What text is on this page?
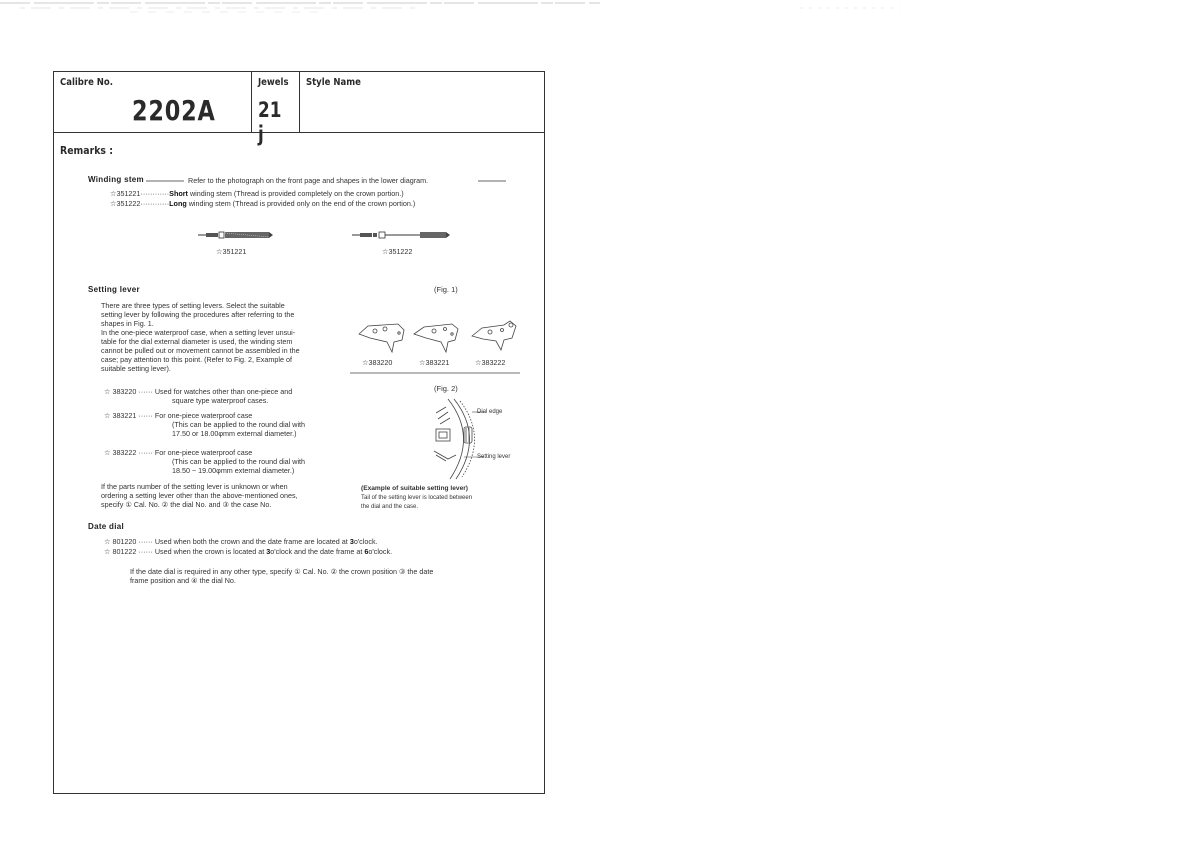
Calibre No.
2202A
Jewels
21 j
Style Name
Remarks :
Winding stem	Refer to the photograph on the front page and shapes in the lower diagram.
☆351221············Short winding stem (Thread is provided completely on the crown portion.)
☆351222············Long winding stem (Thread is provided only on the end of the crown portion.)
☆351221	☆351222
Setting lever	(Fig. 1)
There are three types of setting levers. Select the suitable
setting lever by following the procedures after referring to the
shapes in Fig. 1.
In the one-piece waterproof case, when a setting lever unsui-
table for the dial external diameter is used, the winding stem
cannot be pulled out or movement cannot be assembled in the
case; pay attention to this point. (Refer to Fig. 2, Example of
suitable setting lever).
☆383220	☆383221	☆383222
☆ 383220 ······ Used for watches other than one-piece and
square type waterproof cases.
☆ 383221 ······ For one-piece waterproof case
(This can be applied to the round dial with
17.50 or 18.00φmm external diameter.)
☆ 383222 ······ For one-piece waterproof case
(This can be applied to the round dial with
18.50 ~ 19.00φmm external diameter.)
If the parts number of the setting lever is unknown or when
ordering a setting lever other than the above-mentioned ones,
specify ① Cal. No. ② the dial No. and ③ the case No.
(Fig. 2)
Dial edge
Setting lever
(Example of suitable setting lever)
Tail of the setting lever is located between
the dial and the case.
Date dial
☆ 801220 ······ Used when both the crown and the date frame are located at 3o'clock.
☆ 801222 ······ Used when the crown is located at 3o'clock and the date frame at 6o'clock.
If the date dial is required in any other type, specify ① Cal. No. ② the crown position ③ the date
frame position and ④ the dial No.
